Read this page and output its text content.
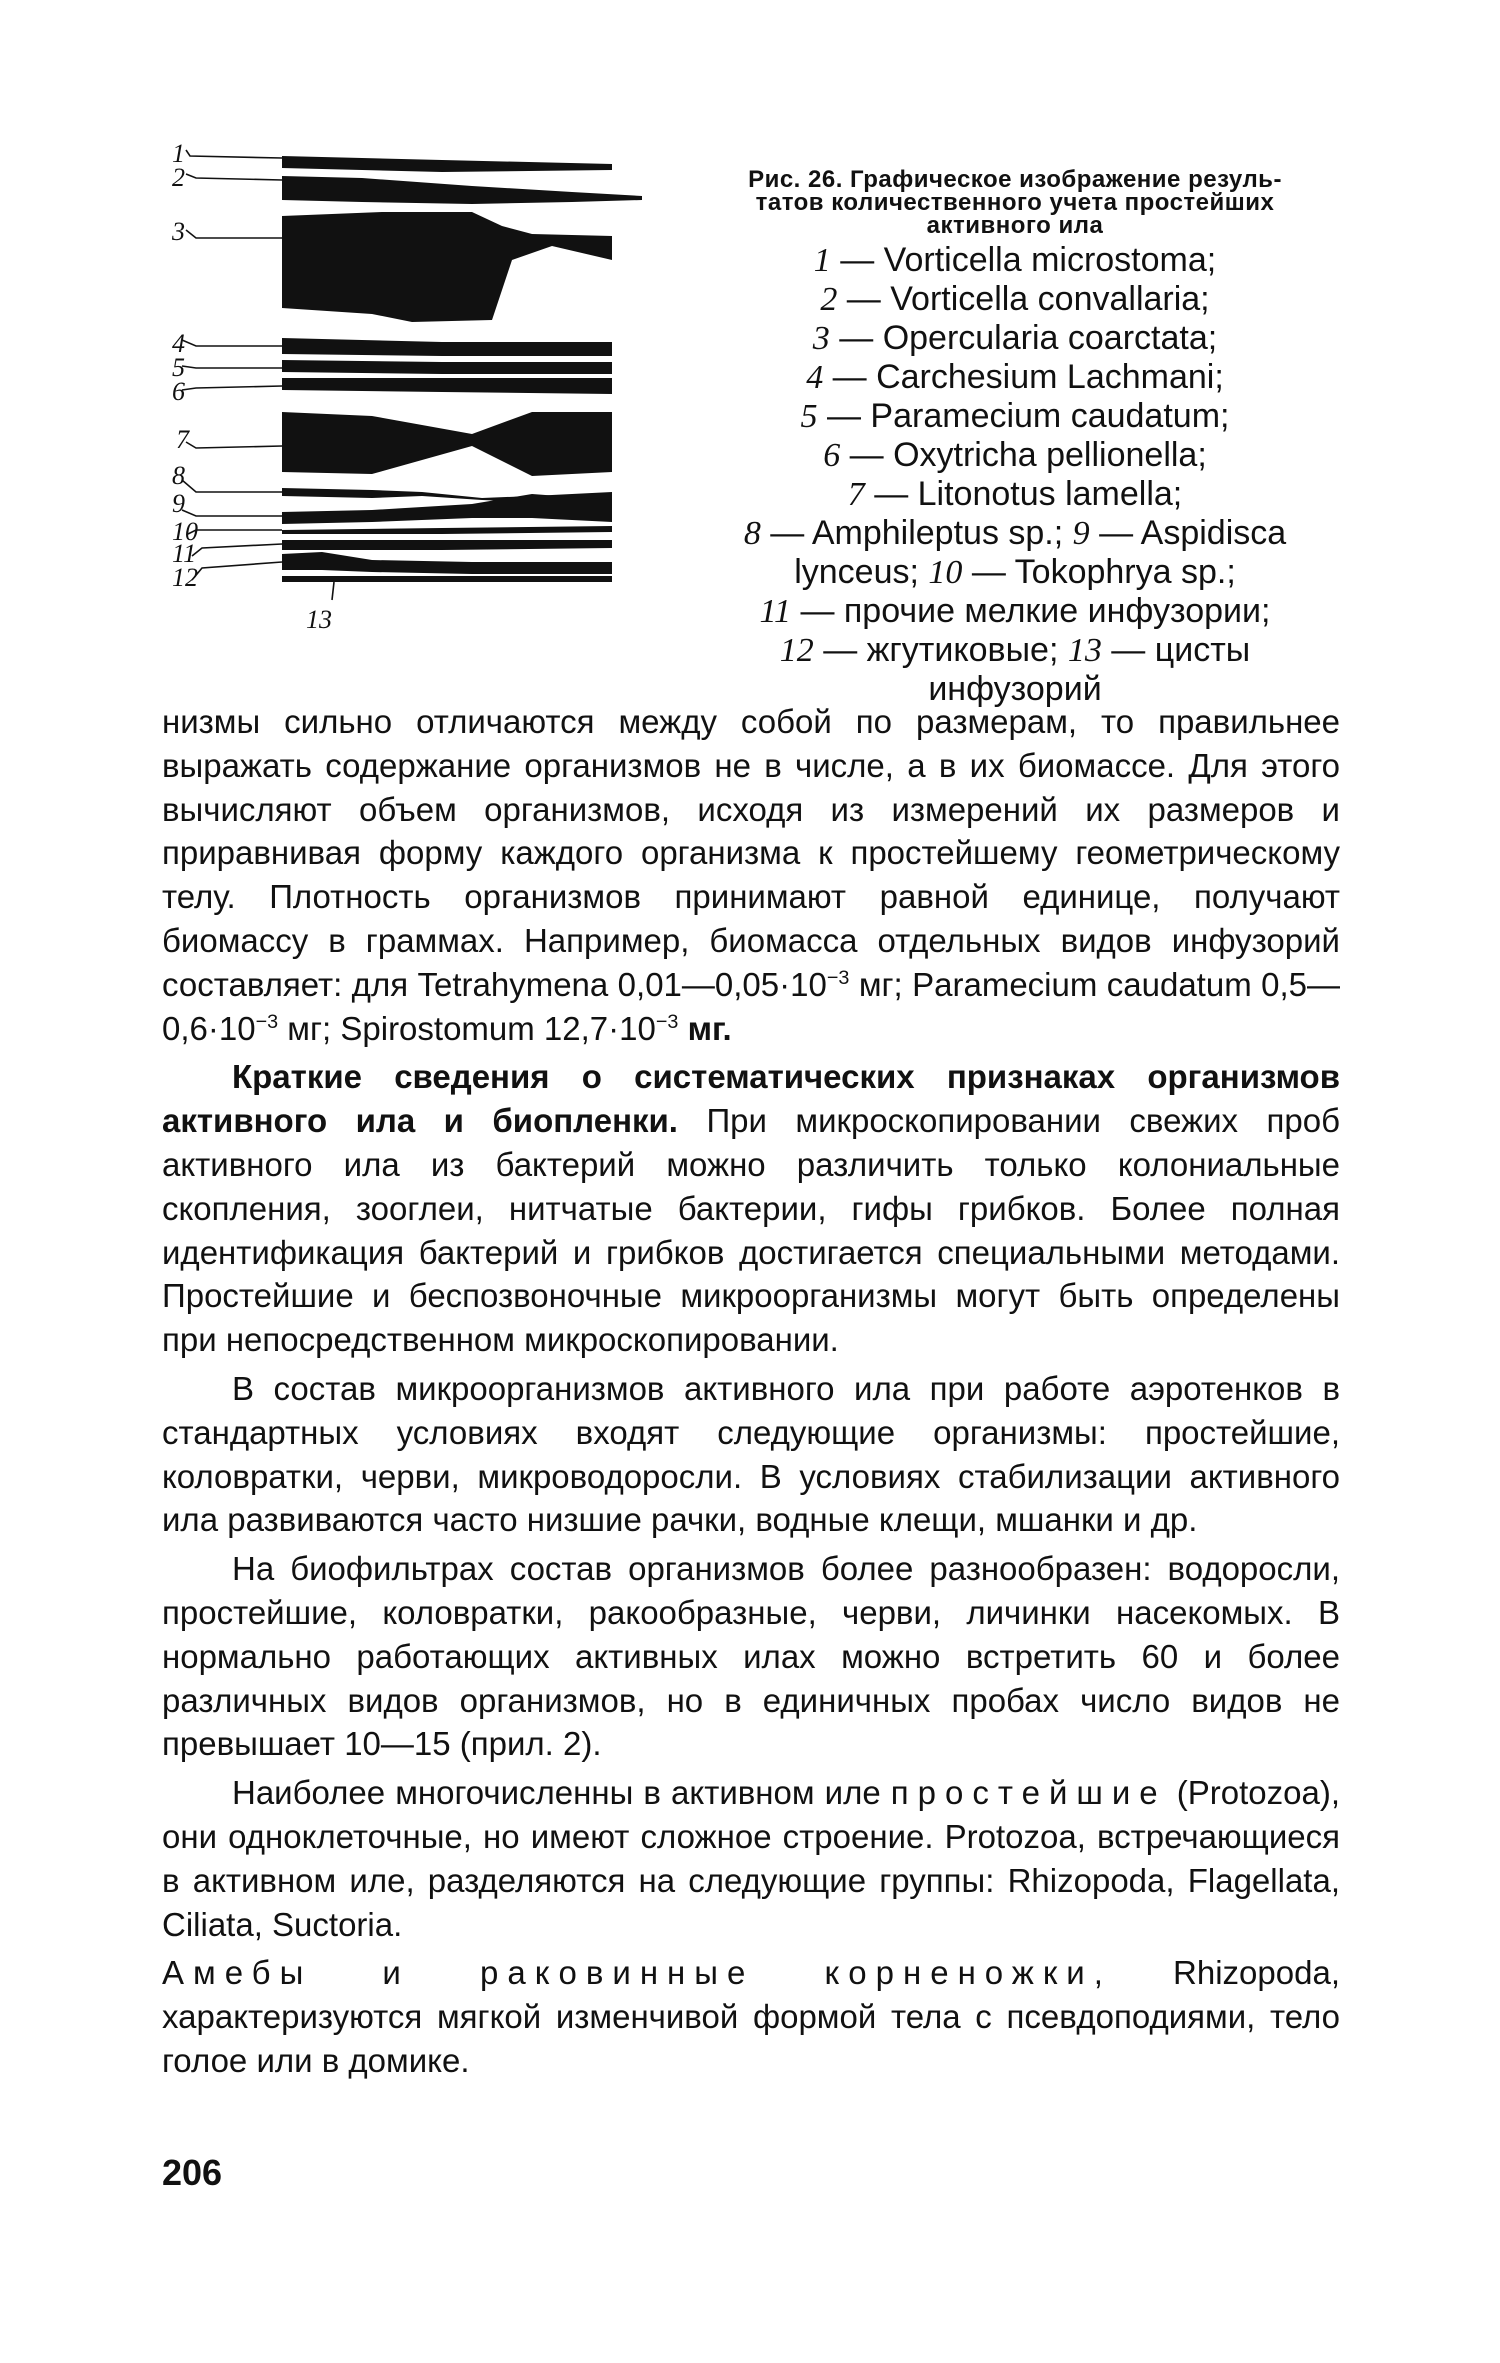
1
2
3
4
5
6
7
8
9
10
11
12
13
Рис. 26. Графическое изображение резуль-
татов количественного учета простейших
активного ила
1 — Vorticella microstoma;
2 — Vorticella convallaria;
3 — Opercularia coarctata;
4 — Carchesium Lachmani;
5 — Paramecium caudatum;
6 — Oxytricha pellionella;
7 — Litonotus lamella;
8 — Amphileptus sp.; 9 — Aspidisca
lynceus; 10 — Tokophrya sp.;
11 — прочие мелкие инфузории;
12 — жгутиковые; 13 — цисты
инфузорий

низмы сильно отличаются между собой по размерам, то правильнее выражать содержание организмов не в числе, а в их биомассе. Для этого вычисляют объем организмов, исходя из измерений их размеров и приравнивая форму каждого организма к простейшему геометрическому телу. Плотность организмов принимают равной единице, получают биомассу в граммах. Например, биомасса отдельных видов инфузорий составляет: для Tetrahymena $0,01—0,05\cdot 10^{-3}$ мг; Paramecium caudatum $0,5—0,6\cdot 10^{-3}$ мг; Spirostomum $12,7\cdot 10^{-3}$ мг.

Краткие сведения о систематических признаках организмов активного ила и биопленки. При микроскопировании свежих проб активного ила из бактерий можно различить только колониальные скопления, зооглеи, нитчатые бактерии, гифы грибков. Более полная идентификация бактерий и грибков достигается специальными методами. Простейшие и беспозвоночные микроорганизмы могут быть определены при непосредственном микроскопировании.

В состав микроорганизмов активного ила при работе аэротенков в стандартных условиях входят следующие организмы: простейшие, коловратки, черви, микроводоросли. В условиях стабилизации активного ила развиваются часто низшие рачки, водные клещи, мшанки и др.

На биофильтрах состав организмов более разнообразен: водоросли, простейшие, коловратки, ракообразные, черви, личинки насекомых. В нормально работающих активных илах можно встретить 60 и более различных видов организмов, но в единичных пробах число видов не превышает 10—15 (прил. 2).

Наиболее многочисленны в активном иле простейшие (Protozoa), они одноклеточные, но имеют сложное строение. Protozoa, встречающиеся в активном иле, разделяются на следующие группы: Rhizopoda, Flagellata, Ciliata, Suctoria.

Амебы и раковинные корненожки, Rhizopoda, характеризуются мягкой изменчивой формой тела с псевдоподиями, тело голое или в домике.

206
